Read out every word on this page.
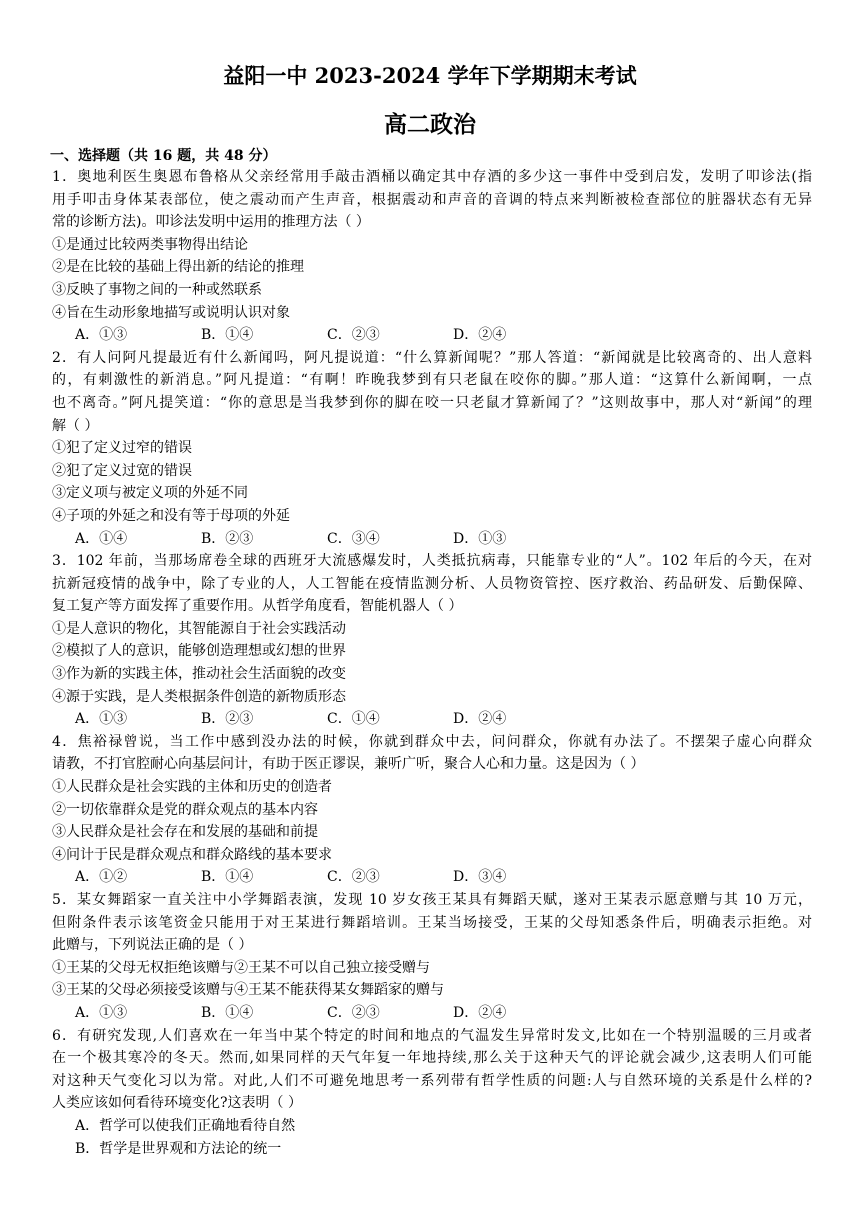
益阳一中 2023-2024 学年下学期期末考试
高二政治
一、选择题（共 16 题，共 48 分）
1．奥地利医生奥恩布鲁格从父亲经常用手敲击酒桶以确定其中存酒的多少这一事件中受到启发，发明了叩诊法(指
用手叩击身体某表部位，使之震动而产生声音，根据震动和声音的音调的特点来判断被检查部位的脏器状态有无异
常的诊断方法)。叩诊法发明中运用的推理方法（ ）
①是通过比较两类事物得出结论
②是在比较的基础上得出新的结论的推理
③反映了事物之间的一种或然联系
④旨在生动形象地描写或说明认识对象
A．①③	B．①④	C．②③	D．②④
2．有人问阿凡提最近有什么新闻吗，阿凡提说道：“什么算新闻呢？”那人答道：“新闻就是比较离奇的、出人意料
的，有刺激性的新消息。”阿凡提道：“有啊！昨晚我梦到有只老鼠在咬你的脚。”那人道：“这算什么新闻啊，一点
也不离奇。”阿凡提笑道：“你的意思是当我梦到你的脚在咬一只老鼠才算新闻了？”这则故事中，那人对“新闻”的理
解（ ）
①犯了定义过窄的错误
②犯了定义过宽的错误
③定义项与被定义项的外延不同
④子项的外延之和没有等于母项的外延
A．①④	B．②③	C．③④	D．①③
3．102 年前，当那场席卷全球的西班牙大流感爆发时，人类抵抗病毒，只能靠专业的“人”。102 年后的今天，在对
抗新冠疫情的战争中，除了专业的人，人工智能在疫情监测分析、人员物资管控、医疗救治、药品研发、后勤保障、
复工复产等方面发挥了重要作用。从哲学角度看，智能机器人（ ）
①是人意识的物化，其智能源自于社会实践活动
②模拟了人的意识，能够创造理想或幻想的世界
③作为新的实践主体，推动社会生活面貌的改变
④源于实践，是人类根据条件创造的新物质形态
A．①③	B．②③	C．①④	D．②④
4．焦裕禄曾说，当工作中感到没办法的时候，你就到群众中去，问问群众，你就有办法了。不摆架子虚心向群众
请教，不打官腔耐心向基层问计，有助于医正谬误，兼听广听，聚合人心和力量。这是因为（ ）
①人民群众是社会实践的主体和历史的创造者
②一切依靠群众是党的群众观点的基本内容
③人民群众是社会存在和发展的基础和前提
④问计于民是群众观点和群众路线的基本要求
A．①②	B．①④	C．②③	D．③④
5．某女舞蹈家一直关注中小学舞蹈表演，发现 10 岁女孩王某具有舞蹈天赋，遂对王某表示愿意赠与其 10 万元，
但附条件表示该笔资金只能用于对王某进行舞蹈培训。王某当场接受，王某的父母知悉条件后，明确表示拒绝。对
此赠与，下列说法正确的是（ ）
①王某的父母无权拒绝该赠与②王某不可以自己独立接受赠与
③王某的父母必须接受该赠与④王某不能获得某女舞蹈家的赠与
A．①③	B．①④	C．②③	D．②④
6．有研究发现,人们喜欢在一年当中某个特定的时间和地点的气温发生异常时发文,比如在一个特别温暖的三月或者
在一个极其寒冷的冬天。然而,如果同样的天气年复一年地持续,那么关于这种天气的评论就会减少,这表明人们可能
对这种天气变化习以为常。对此,人们不可避免地思考一系列带有哲学性质的问题:人与自然环境的关系是什么样的?
人类应该如何看待环境变化?这表明（ ）
A．哲学可以使我们正确地看待自然
B．哲学是世界观和方法论的统一
